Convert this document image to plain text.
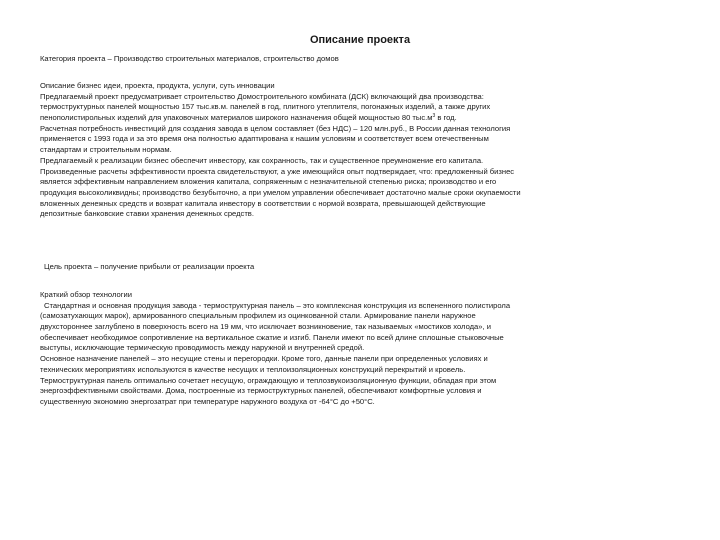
Описание проекта
Категория проекта – Производство строительных материалов, строительство домов
Описание бизнес идеи, проекта, продукта, услуги, суть инновации
Предлагаемый проект предусматривает строительство Домостроительного комбината (ДСК) включающий два производства:
термоструктурных панелей мощностью 157 тыс.кв.м. панелей в год, плитного утеплителя, погонажных изделий, а также других
пенополистирольных изделий для упаковочных материалов широкого назначения общей мощностью 80 $тыс.м^3$ в год.
Расчетная потребность инвестиций для создания завода в целом составляет (без НДС) – 120 млн.руб., В России данная технология
применяется с 1993 года и за это время она полностью адаптирована к нашим условиям и соответствует всем отечественным
стандартам и строительным нормам.
Предлагаемый к реализации бизнес обеспечит инвестору, как сохранность, так и существенное преумножение его капитала.
Произведенные расчеты эффективности проекта свидетельствуют, а уже имеющийся опыт подтверждает, что: предложенный бизнес
является эффективным направлением вложения капитала, сопряженным с незначительной степенью риска; производство и его
продукция высоколиквидны; производство безубыточно, а при умелом управлении обеспечивает достаточно малые сроки окупаемости
вложенных денежных средств и возврат капитала инвестору в соответствии с нормой возврата, превышающей действующие
депозитные банковские ставки хранения денежных средств.
Цель проекта – получение прибыли от реализации проекта
Краткий обзор технологии
Стандартная и основная продукция завода - термоструктурная панель – это комплексная конструкция из вспененного полистирола
(самозатухающих марок), армированного специальным профилем из оцинкованной стали. Армирование панели наружное
двухстороннее заглублено в поверхность всего на 19 мм, что исключает возникновение, так называемых «мостиков холода», и
обеспечивает необходимое сопротивление на вертикальное сжатие и изгиб. Панели имеют по всей длине сплошные стыковочные
выступы, исключающие термическую проводимость между наружной и внутренней средой.
Основное назначение панелей – это несущие стены и перегородки. Кроме того, данные панели при определенных условиях и
технических мероприятиях используются в качестве несущих и теплоизоляционных конструкций перекрытий и кровель.
Термоструктурная панель оптимально сочетает несущую, ограждающую и теплозвукоизоляционную функции, обладая при этом
энергоэффективными свойствами. Дома, построенные из термоструктурных панелей, обеспечивают комфортные условия и
существенную экономию энергозатрат при температуре наружного воздуха от -64°С до +50°С.
